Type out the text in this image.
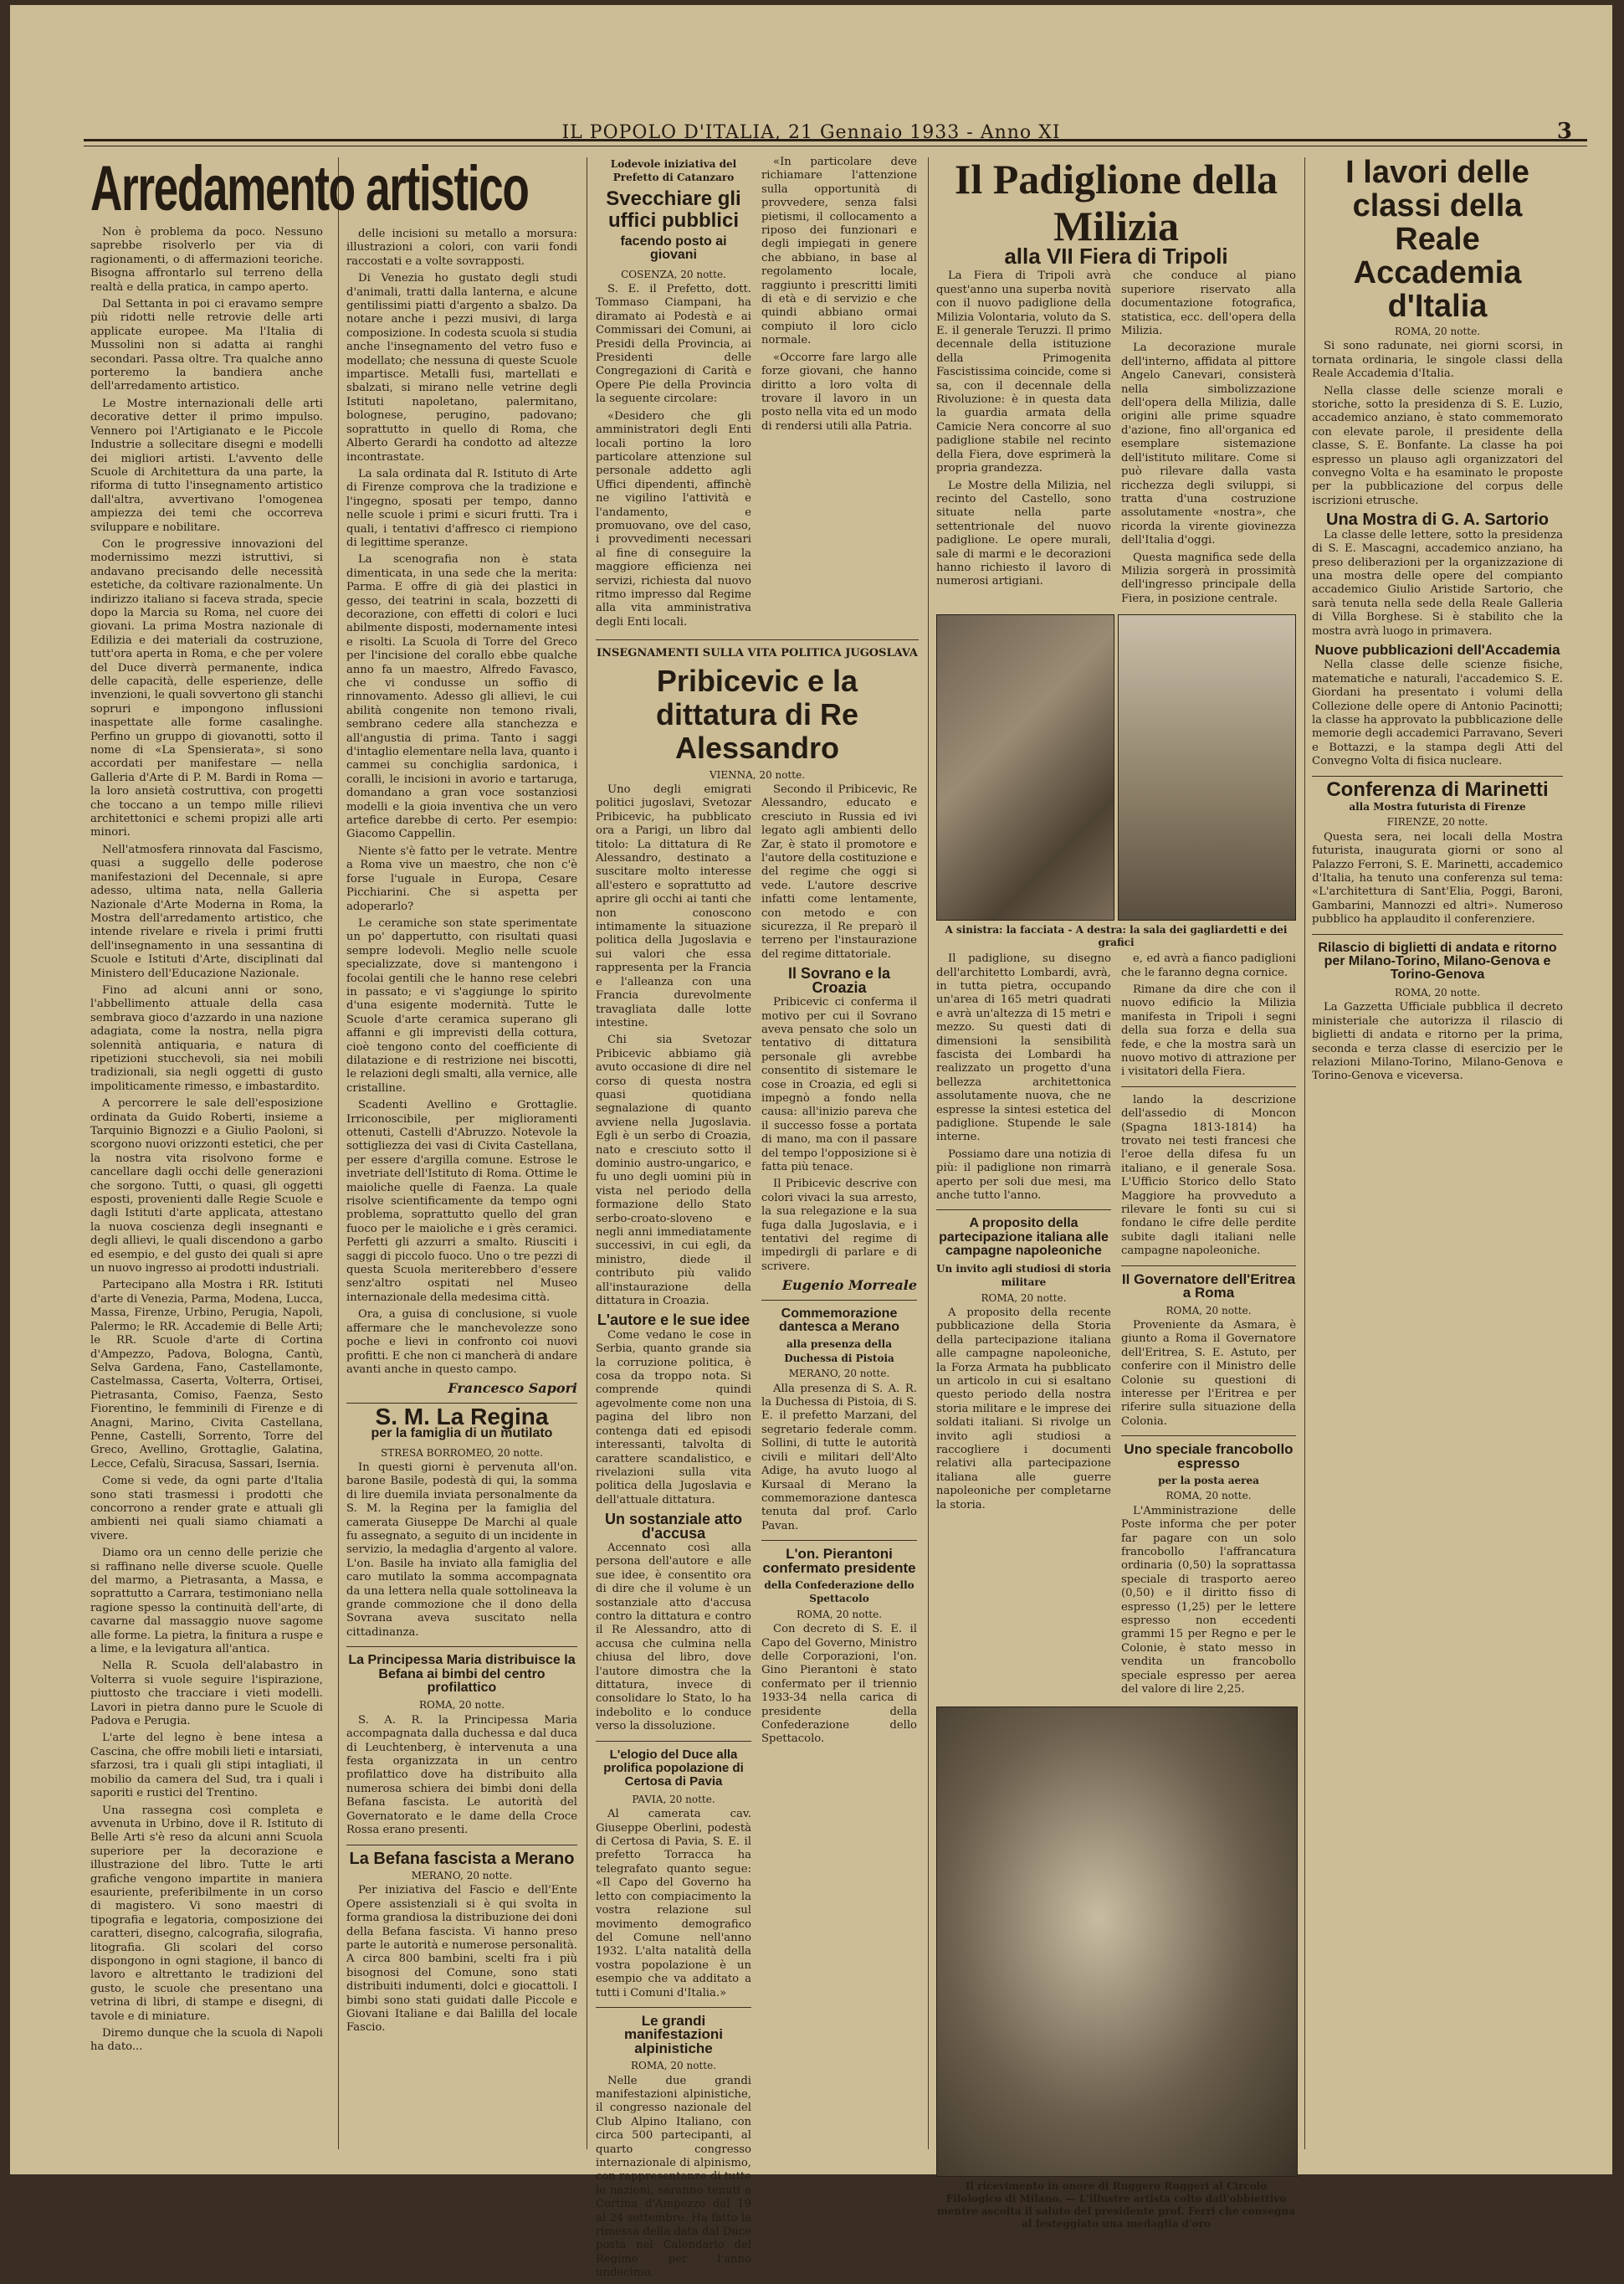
IL POPOLO D'ITALIA, 21 Gennaio 1933 - Anno XI	3
Arredamento artistico

Non è problema da poco. Nessuno saprebbe risolverlo per via di ragionamenti, o di affermazioni teoriche. Bisogna affrontarlo sul terreno della realtà e della pratica, in campo aperto.

Dal Settanta in poi ci eravamo sempre più ridotti nelle retrovie delle arti applicate europee. Ma l'Italia di Mussolini non si adatta ai ranghi secondari. Passa oltre. Tra qualche anno porteremo la bandiera anche dell'arredamento artistico.

Le Mostre internazionali delle arti decorative detter il primo impulso. Vennero poi l'Artigianato e le Piccole Industrie a sollecitare disegni e modelli dei migliori artisti. L'avvento delle Scuole di Architettura da una parte, la riforma di tutto l'insegnamento artistico dall'altra, avvertivano l'omogenea ampiezza dei temi che occorreva sviluppare e nobilitare.

Con le progressive innovazioni del modernissimo mezzi istruttivi, si andavano precisando delle necessità estetiche, da coltivare razionalmente. Un indirizzo italiano si faceva strada, specie dopo la Marcia su Roma, nel cuore dei giovani. La prima Mostra nazionale di Edilizia e dei materiali da costruzione, tutt'ora aperta in Roma, e che per volere del Duce diverrà permanente, indica delle capacità, delle esperienze, delle invenzioni, le quali sovvertono gli stanchi sopruri e impongono influssioni inaspettate alle forme casalinghe. Perfino un gruppo di giovanotti, sotto il nome di «La Spensierata», si sono accordati per manifestare — nella Galleria d'Arte di P. M. Bardi in Roma — la loro ansietà costruttiva, con progetti che toccano a un tempo mille rilievi architettonici e schemi propizi alle arti minori.

Nell'atmosfera rinnovata dal Fascismo, quasi a suggello delle poderose manifestazioni del Decennale, si apre adesso, ultima nata, nella Galleria Nazionale d'Arte Moderna in Roma, la Mostra dell'arredamento artistico, che intende rivelare e rivela i primi frutti dell'insegnamento in una sessantina di Scuole e Istituti d'Arte, disciplinati dal Ministero dell'Educazione Nazionale.

Fino ad alcuni anni or sono, l'abbellimento attuale della casa sembrava gioco d'azzardo in una nazione adagiata, come la nostra, nella pigra solennità antiquaria, e natura di ripetizioni stucchevoli, sia nei mobili tradizionali, sia negli oggetti di gusto impoliticamente rimesso, e imbastardito.

A percorrere le sale dell'esposizione ordinata da Guido Roberti, insieme a Tarquinio Bignozzi e a Giulio Paoloni, si scorgono nuovi orizzonti estetici, che per la nostra vita risolvono forme e cancellare dagli occhi delle generazioni che sorgono. Tutti, o quasi, gli oggetti esposti, provenienti dalle Regie Scuole e dagli Istituti d'arte applicata, attestano la nuova coscienza degli insegnanti e degli allievi, le quali discendono a garbo ed esempio, e del gusto dei quali si apre un nuovo ingresso ai prodotti industriali.

Partecipano alla Mostra i RR. Istituti d'arte di Venezia, Parma, Modena, Lucca, Massa, Firenze, Urbino, Perugia, Napoli, Palermo; le RR. Accademie di Belle Arti; le RR. Scuole d'arte di Cortina d'Ampezzo, Padova, Bologna, Cantù, Selva Gardena, Fano, Castellamonte, Castelmassa, Caserta, Volterra, Ortisei, Pietrasanta, Comiso, Faenza, Sesto Fiorentino, le femminili di Firenze e di Anagni, Marino, Civita Castellana, Penne, Castelli, Sorrento, Torre del Greco, Avellino, Grottaglie, Galatina, Lecce, Cefalù, Siracusa, Sassari, Isernia.

Come si vede, da ogni parte d'Italia sono stati trasmessi i prodotti che concorrono a render grate e attuali gli ambienti nei quali siamo chiamati a vivere.

Diamo ora un cenno delle perizie che si raffinano nelle diverse scuole. Quelle del marmo, a Pietrasanta, a Massa, e soprattutto a Carrara, testimoniano nella ragione spesso la continuità dell'arte, di cavarne dal massaggio nuove sagome alle forme. La pietra, la finitura a ruspe e a lime, e la levigatura all'antica.

Nella R. Scuola dell'alabastro in Volterra si vuole seguire l'ispirazione, piuttosto che tracciare i vieti modelli. Lavori in pietra danno pure le Scuole di Padova e Perugia.

L'arte del legno è bene intesa a Cascina, che offre mobili lieti e intarsiati, sfarzosi, tra i quali gli stipi intagliati, il mobilio da camera del Sud, tra i quali i saporiti e rustici del Trentino.

Una rassegna così completa e avvenuta in Urbino, dove il R. Istituto di Belle Arti s'è reso da alcuni anni Scuola superiore per la decorazione e illustrazione del libro. Tutte le arti grafiche vengono impartite in maniera esauriente, preferibilmente in un corso di magistero. Vi sono maestri di tipografia e legatoria, composizione dei caratteri, disegno, calcografia, silografia, litografia. Gli scolari del corso dispongono in ogni stagione, il banco di lavoro e altrettanto le tradizioni del gusto, le scuole che presentano una vetrina di libri, di stampe e disegni, di tavole e di miniature.

Diremo dunque che la scuola di Napoli ha dato...

delle incisioni su metallo a morsura: illustrazioni a colori, con varii fondi raccostati e a volte sovrapposti.

Di Venezia ho gustato degli studi d'animali, tratti dalla lanterna, e alcune gentilissimi piatti d'argento a sbalzo. Da notare anche i pezzi musivi, di larga composizione. In codesta scuola si studia anche l'insegnamento del vetro fuso e modellato; che nessuna di queste Scuole impartisce. Metalli fusi, martellati e sbalzati, si mirano nelle vetrine degli Istituti napoletano, palermitano, bolognese, perugino, padovano; soprattutto in quello di Roma, che Alberto Gerardi ha condotto ad altezze incontrastate.

La sala ordinata dal R. Istituto di Arte di Firenze comprova che la tradizione e l'ingegno, sposati per tempo, danno nelle scuole i primi e sicuri frutti. Tra i quali, i tentativi d'affresco ci riempiono di legittime speranze.

La scenografia non è stata dimenticata, in una sede che la merita: Parma. E offre di già dei plastici in gesso, dei teatrini in scala, bozzetti di decorazione, con effetti di colori e luci abilmente disposti, modernamente intesi e risolti. La Scuola di Torre del Greco per l'incisione del corallo ebbe qualche anno fa un maestro, Alfredo Favasco, che vi condusse un soffio di rinnovamento. Adesso gli allievi, le cui abilità congenite non temono rivali, sembrano cedere alla stanchezza e all'angustia di prima. Tanto i saggi d'intaglio elementare nella lava, quanto i cammei su conchiglia sardonica, i coralli, le incisioni in avorio e tartaruga, domandano a gran voce sostanziosi modelli e la gioia inventiva che un vero artefice darebbe di certo. Per esempio: Giacomo Cappellin.

Niente s'è fatto per le vetrate. Mentre a Roma vive un maestro, che non c'è forse l'uguale in Europa, Cesare Picchiarini. Che si aspetta per adoperarlo?

Le ceramiche son state sperimentate un po' dappertutto, con risultati quasi sempre lodevoli. Meglio nelle scuole specializzate, dove si mantengono i focolai gentili che le hanno rese celebri in passato; e vi s'aggiunge lo spirito d'una esigente modernità. Tutte le Scuole d'arte ceramica superano gli affanni e gli imprevisti della cottura, cioè tengono conto del coefficiente di dilatazione e di restrizione nei biscotti, le relazioni degli smalti, alla vernice, alle cristalline.

Scadenti Avellino e Grottaglie. Irriconoscibile, per miglioramenti ottenuti, Castelli d'Abruzzo. Notevole la sottigliezza dei vasi di Civita Castellana, per essere d'argilla comune. Estrose le invetriate dell'Istituto di Roma. Ottime le maioliche quelle di Faenza. La quale risolve scientificamente da tempo ogni problema, soprattutto quello del gran fuoco per le maioliche e i grès ceramici. Perfetti gli azzurri a smalto. Riusciti i saggi di piccolo fuoco. Uno o tre pezzi di questa Scuola meriterebbero d'essere senz'altro ospitati nel Museo internazionale della medesima città.

Ora, a guisa di conclusione, si vuole affermare che le manchevolezze sono poche e lievi in confronto coi nuovi profitti. E che non ci mancherà di andare avanti anche in questo campo.

Francesco Sapori
S. M. La Regina
per la famiglia di un mutilato
STRESA BORROMEO, 20 notte.

In questi giorni è pervenuta all'on. barone Basile, podestà di qui, la somma di lire duemila inviata personalmente da S. M. la Regina per la famiglia del camerata Giuseppe De Marchi al quale fu assegnato, a seguito di un incidente in servizio, la medaglia d'argento al valore. L'on. Basile ha inviato alla famiglia del caro mutilato la somma accompagnata da una lettera nella quale sottolineava la grande commozione che il dono della Sovrana aveva suscitato nella cittadinanza.

La Principessa Maria distribuisce la Befana ai bimbi del centro profilattico
ROMA, 20 notte.

S. A. R. la Principessa Maria accompagnata dalla duchessa e dal duca di Leuchtenberg, è intervenuta a una festa organizzata in un centro profilattico dove ha distribuito alla numerosa schiera dei bimbi doni della Befana fascista. Le autorità del Governatorato e le dame della Croce Rossa erano presenti.

La Befana fascista a Merano
MERANO, 20 notte.

Per iniziativa del Fascio e dell'Ente Opere assistenziali si è qui svolta in forma grandiosa la distribuzione dei doni della Befana fascista. Vi hanno preso parte le autorità e numerose personalità. A circa 800 bambini, scelti fra i più bisognosi del Comune, sono stati distribuiti indumenti, dolci e giocattoli. I bimbi sono stati guidati dalle Piccole e Giovani Italiane e dai Balilla del locale Fascio.

Lodevole iniziativa del Prefetto di Catanzaro
Svecchiare gli uffici pubblici
facendo posto ai giovani
COSENZA, 20 notte.

S. E. il Prefetto, dott. Tommaso Ciampani, ha diramato ai Podestà e ai Commissari dei Comuni, ai Presidi della Provincia, ai Presidenti delle Congregazioni di Carità e Opere Pie della Provincia la seguente circolare:

«Desidero che gli amministratori degli Enti locali portino la loro particolare attenzione sul personale addetto agli Uffici dipendenti, affinchè ne vigilino l'attività e l'andamento, e promuovano, ove del caso, i provvedimenti necessari al fine di conseguire la maggiore efficienza nei servizi, richiesta dal nuovo ritmo impresso dal Regime alla vita amministrativa degli Enti locali.

«In particolare deve richiamare l'attenzione sulla opportunità di provvedere, senza falsi pietismi, il collocamento a riposo dei funzionari e degli impiegati in genere che abbiano, in base al regolamento locale, raggiunto i prescritti limiti di età e di servizio e che quindi abbiano ormai compiuto il loro ciclo normale.

«Occorre fare largo alle forze giovani, che hanno diritto a loro volta di trovare il lavoro in un posto nella vita ed un modo di rendersi utili alla Patria.

INSEGNAMENTI SULLA VITA POLITICA JUGOSLAVA
Pribicevic e la dittatura di Re Alessandro
VIENNA, 20 notte.

Uno degli emigrati politici jugoslavi, Svetozar Pribicevic, ha pubblicato ora a Parigi, un libro dal titolo: La dittatura di Re Alessandro, destinato a suscitare molto interesse all'estero e soprattutto ad aprire gli occhi ai tanti che non conoscono intimamente la situazione politica della Jugoslavia e sui valori che essa rappresenta per la Francia e l'alleanza con una Francia durevolmente travagliata dalle lotte intestine.

Chi sia Svetozar Pribicevic abbiamo già avuto occasione di dire nel corso di questa nostra quasi quotidiana segnalazione di quanto avviene nella Jugoslavia. Egli è un serbo di Croazia, nato e cresciuto sotto il dominio austro-ungarico, e fu uno degli uomini più in vista nel periodo della formazione dello Stato serbo-croato-sloveno e negli anni immediatamente successivi, in cui egli, da ministro, diede il contributo più valido all'instaurazione della dittatura in Croazia.

L'autore e le sue idee

Come vedano le cose in Serbia, quanto grande sia la corruzione politica, è cosa da troppo nota. Si comprende quindi agevolmente come non una pagina del libro non contenga dati ed episodi interessanti, talvolta di carattere scandalistico, e rivelazioni sulla vita politica della Jugoslavia e dell'attuale dittatura.

Un sostanziale atto d'accusa

Accennato così alla persona dell'autore e alle sue idee, è consentito ora di dire che il volume è un sostanziale atto d'accusa contro la dittatura e contro il Re Alessandro, atto di accusa che culmina nella chiusa del libro, dove l'autore dimostra che la dittatura, invece di consolidare lo Stato, lo ha indebolito e lo conduce verso la dissoluzione.

L'elogio del Duce alla prolifica popolazione di Certosa di Pavia
PAVIA, 20 notte.

Al camerata cav. Giuseppe Oberlini, podestà di Certosa di Pavia, S. E. il prefetto Torracca ha telegrafato quanto segue: «Il Capo del Governo ha letto con compiacimento la vostra relazione sul movimento demografico del Comune nell'anno 1932. L'alta natalità della vostra popolazione è un esempio che va additato a tutti i Comuni d'Italia.»

Le grandi manifestazioni alpinistiche
ROMA, 20 notte.

Nelle due grandi manifestazioni alpinistiche, il congresso nazionale del Club Alpino Italiano, con circa 500 partecipanti, al quarto congresso internazionale di alpinismo, con rappresentanze di tutte le nazioni, saranno tenuti a Cortina d'Ampezzo dal 19 al 24 settembre. Ha fatto la rimessa della data dal Duce posta nel Calendario del Regime per l'anno undecimo.

Secondo il Pribicevic, Re Alessandro, educato e cresciuto in Russia ed ivi legato agli ambienti dello Zar, è stato il promotore e l'autore della costituzione e del regime che oggi si vede. L'autore descrive infatti come lentamente, con metodo e con sicurezza, il Re preparò il terreno per l'instaurazione del regime dittatoriale.

Il Sovrano e la Croazia

Pribicevic ci conferma il motivo per cui il Sovrano aveva pensato che solo un tentativo di dittatura personale gli avrebbe consentito di sistemare le cose in Croazia, ed egli si impegnò a fondo nella causa: all'inizio pareva che il successo fosse a portata di mano, ma con il passare del tempo l'opposizione si è fatta più tenace.

Il Pribicevic descrive con colori vivaci la sua arresto, la sua relegazione e la sua fuga dalla Jugoslavia, e i tentativi del regime di impedirgli di parlare e di scrivere.

Eugenio Morreale
Commemorazione dantesca a Merano
alla presenza della Duchessa di Pistoia
MERANO, 20 notte.

Alla presenza di S. A. R. la Duchessa di Pistoia, di S. E. il prefetto Marzani, del segretario federale comm. Sollini, di tutte le autorità civili e militari dell'Alto Adige, ha avuto luogo al Kursaal di Merano la commemorazione dantesca tenuta dal prof. Carlo Pavan.

L'on. Pierantoni confermato presidente
della Confederazione dello Spettacolo
ROMA, 20 notte.

Con decreto di S. E. il Capo del Governo, Ministro delle Corporazioni, l'on. Gino Pierantoni è stato confermato per il triennio 1933-34 nella carica di presidente della Confederazione dello Spettacolo.

Il Padiglione della Milizia
alla VII Fiera di Tripoli

La Fiera di Tripoli avrà quest'anno una superba novità con il nuovo padiglione della Milizia Volontaria, voluto da S. E. il generale Teruzzi. Il primo decennale della istituzione della Primogenita Fascistissima coincide, come si sa, con il decennale della Rivoluzione: è in questa data la guardia armata della Camicie Nera concorre al suo padiglione stabile nel recinto della Fiera, dove esprimerà la propria grandezza.

Le Mostre della Milizia, nel recinto del Castello, sono situate nella parte settentrionale del nuovo padiglione. Le opere murali, sale di marmi e le decorazioni hanno richiesto il lavoro di numerosi artigiani.

che conduce al piano superiore riservato alla documentazione fotografica, statistica, ecc. dell'opera della Milizia.

La decorazione murale dell'interno, affidata al pittore Angelo Canevari, consisterà nella simbolizzazione dell'opera della Milizia, dalle origini alle prime squadre d'azione, fino all'organica ed esemplare sistemazione dell'istituto militare. Come si può rilevare dalla vasta ricchezza degli sviluppi, si tratta d'una costruzione assolutamente «nostra», che ricorda la virente giovinezza dell'Italia d'oggi.

Questa magnifica sede della Milizia sorgerà in prossimità dell'ingresso principale della Fiera, in posizione centrale.

A sinistra: la facciata - A destra: la sala dei gagliardetti e dei grafici

Il padiglione, su disegno dell'architetto Lombardi, avrà, in tutta pietra, occupando un'area di 165 metri quadrati e avrà un'altezza di 15 metri e mezzo. Su questi dati di dimensioni la sensibilità fascista dei Lombardi ha realizzato un progetto d'una bellezza architettonica assolutamente nuova, che ne espresse la sintesi estetica del padiglione. Stupende le sale interne.

Possiamo dare una notizia di più: il padiglione non rimarrà aperto per soli due mesi, ma anche tutto l'anno.

A proposito della partecipazione italiana alle campagne napoleoniche
Un invito agli studiosi di storia militare
ROMA, 20 notte.

A proposito della recente pubblicazione della Storia della partecipazione italiana alle campagne napoleoniche, la Forza Armata ha pubblicato un articolo in cui si esaltano questo periodo della nostra storia militare e le imprese dei soldati italiani. Si rivolge un invito agli studiosi a raccogliere i documenti relativi alla partecipazione italiana alle guerre napoleoniche per completarne la storia.

e, ed avrà a fianco padiglioni che le faranno degna cornice.

Rimane da dire che con il nuovo edificio la Milizia manifesta in Tripoli i segni della sua forza e della sua fede, e che la mostra sarà un nuovo motivo di attrazione per i visitatori della Fiera.

lando la descrizione dell'assedio di Moncon (Spagna 1813-1814) ha trovato nei testi francesi che l'eroe della difesa fu un italiano, e il generale Sosa. L'Ufficio Storico dello Stato Maggiore ha provveduto a rilevare le fonti su cui si fondano le cifre delle perdite subite dagli italiani nelle campagne napoleoniche.

Il Governatore dell'Eritrea a Roma
ROMA, 20 notte.

Proveniente da Asmara, è giunto a Roma il Governatore dell'Eritrea, S. E. Astuto, per conferire con il Ministro delle Colonie su questioni di interesse per l'Eritrea e per riferire sulla situazione della Colonia.

Uno speciale francobollo espresso
per la posta aerea
ROMA, 20 notte.

L'Amministrazione delle Poste informa che per poter far pagare con un solo francobollo l'affrancatura ordinaria (0,50) la soprattassa speciale di trasporto aereo (0,50) e il diritto fisso di espresso (1,25) per le lettere espresso non eccedenti grammi 15 per Regno e per le Colonie, è stato messo in vendita un francobollo speciale espresso per aerea del valore di lire 2,25.

Il ricevimento in onore di Ruggero Ruggeri al Circolo Filologico di Milano. — L'illustre artista colto dall'obbiettivo mentre ascolta il saluto del presidente prof. Ferri che consegna al festeggiato una medaglia d'oro
I lavori delle classi della Reale Accademia d'Italia
ROMA, 20 notte.

Si sono radunate, nei giorni scorsi, in tornata ordinaria, le singole classi della Reale Accademia d'Italia.

Nella classe delle scienze morali e storiche, sotto la presidenza di S. E. Luzio, accademico anziano, è stato commemorato con elevate parole, il presidente della classe, S. E. Bonfante. La classe ha poi espresso un plauso agli organizzatori del convegno Volta e ha esaminato le proposte per la pubblicazione del corpus delle iscrizioni etrusche.

Una Mostra di G. A. Sartorio

La classe delle lettere, sotto la presidenza di S. E. Mascagni, accademico anziano, ha preso deliberazioni per la organizzazione di una mostra delle opere del compianto accademico Giulio Aristide Sartorio, che sarà tenuta nella sede della Reale Galleria di Villa Borghese. Si è stabilito che la mostra avrà luogo in primavera.

Nuove pubblicazioni dell'Accademia

Nella classe delle scienze fisiche, matematiche e naturali, l'accademico S. E. Giordani ha presentato i volumi della Collezione delle opere di Antonio Pacinotti; la classe ha approvato la pubblicazione delle memorie degli accademici Parravano, Severi e Bottazzi, e la stampa degli Atti del Convegno Volta di fisica nucleare.

Conferenza di Marinetti
alla Mostra futurista di Firenze
FIRENZE, 20 notte.

Questa sera, nei locali della Mostra futurista, inaugurata giorni or sono al Palazzo Ferroni, S. E. Marinetti, accademico d'Italia, ha tenuto una conferenza sul tema: «L'architettura di Sant'Elia, Poggi, Baroni, Gambarini, Mannozzi ed altri». Numeroso pubblico ha applaudito il conferenziere.

Rilascio di biglietti di andata e ritorno per Milano-Torino, Milano-Genova e Torino-Genova
ROMA, 20 notte.

La Gazzetta Ufficiale pubblica il decreto ministeriale che autorizza il rilascio di biglietti di andata e ritorno per la prima, seconda e terza classe di esercizio per le relazioni Milano-Torino, Milano-Genova e Torino-Genova e viceversa.
